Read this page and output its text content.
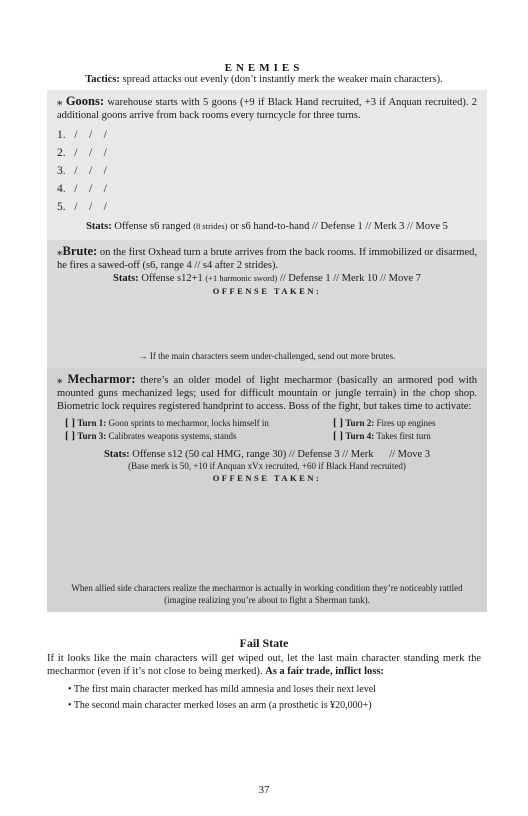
ENEMIES
Tactics: spread attacks out evenly (don’t instantly merk the weaker main characters).
⁎ Goons: warehouse starts with 5 goons (+9 if Black Hand recruited, +3 if Anquan recruited). 2 additional goons arrive from back rooms every turncycle for three turns.
1.   /    /    /
2.   /    /    /
3.   /    /    /
4.   /    /    /
5.   /    /    /
Stats: Offense s6 ranged (8 strides) or s6 hand-to-hand // Defense 1 // Merk 3 // Move 5
⁎Brute: on the first Oxhead turn a brute arrives from the back rooms. If immobilized or disarmed, he fires a sawed-off (s6, range 4 // s4 after 2 strides).
Stats: Offense s12+1 (+1 harmonic sword) // Defense 1 // Merk 10 // Move 7
OFFENSE TAKEN:
→ If the main characters seem under-challenged, send out more brutes.
⁎ Mecharmor: there’s an older model of light mecharmor (basically an armored pod with mounted guns mechanized legs; used for difficult mountain or jungle terrain) in the chop shop. Biometric lock requires registered handprint to access. Boss of the fight, but takes time to activate:
[ ] Turn 1: Goon sprints to mecharmor, locks himself in	[ ] Turn 2: Fires up engines
[ ] Turn 3: Calibrates weapons systems, stands	[ ] Turn 4: Takes first turn
Stats: Offense s12 (50 cal HMG, range 30) // Defense 3 // Merk      // Move 3
(Base merk is 50, +10 if Anquan xVx recruited, +60 if Black Hand recruited)
OFFENSE TAKEN:
When allied side characters realize the mecharmor is actually in working condition they’re noticeably rattled (imagine realizing you’re about to fight a Sherman tank).
Fail State
If it looks like the main characters will get wiped out, let the last main character standing merk the mecharmor (even if it’s not close to being merked). As a fair trade, inflict loss:
• The first main character merked has mild amnesia and loses their next level
• The second main character merked loses an arm (a prosthetic is ¥20,000+)
37
